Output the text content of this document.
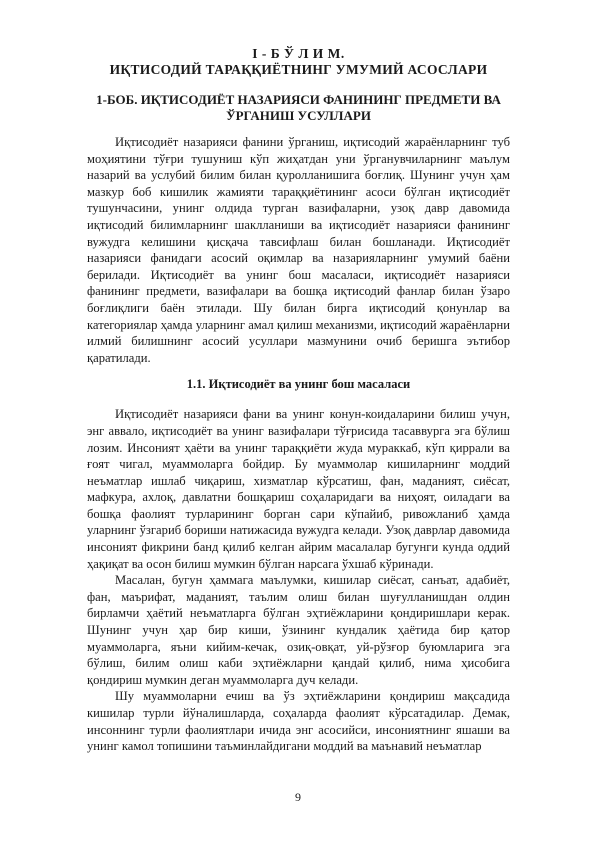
I - Б Ў Л И М.
ИҚТИСОДИЙ ТАРАҚҚИЁТНИНГ УМУМИЙ АСОСЛАРИ
1-БОБ. ИҚТИСОДИЁТ НАЗАРИЯСИ ФАНИНИНГ ПРЕДМЕТИ ВА ЎРГАНИШ УСУЛЛАРИ

Иқтисодиёт назарияси фанини ўрганиш, иқтисодий жараёнларнинг туб моҳиятини тўғри тушуниш кўп жиҳатдан уни ўрганувчиларнинг маълум назарий ва услубий билим билан қуролланишига боғлиқ. Шунинг учун ҳам мазкур боб кишилик жамияти тараққиётининг асоси бўлган иқтисодиёт тушунчасини, унинг олдида турган вазифаларни, узоқ давр давомида иқтисодий билимларнинг шаклланиши ва иқтисодиёт назарияси фанининг вужудга келишини қисқача тавсифлаш билан бошланади. Иқтисодиёт назарияси фанидаги асосий оқимлар ва назарияларнинг умумий баёни берилади. Иқтисодиёт ва унинг бош масаласи, иқтисодиёт назарияси фанининг предмети, вазифалари ва бошқа иқтисодий фанлар билан ўзаро боғлиқлиги баён этилади. Шу билан бирга иқтисодий қонунлар ва категориялар ҳамда уларнинг амал қилиш механизми, иқтисодий жараёнларни илмий билишнинг асосий усуллари мазмунини очиб беришга эътибор қаратилади.

1.1. Иқтисодиёт ва унинг бош масаласи

Иқтисодиёт назарияси фани ва унинг конун-коидаларини билиш учун, энг аввало, иқтисодиёт ва унинг вазифалари тўғрисида тасаввурга эга бўлиш лозим. Инсоният ҳаёти ва унинг тараққиёти жуда мураккаб, кўп қиррали ва ғоят чигал, муаммоларга бойдир. Бу муаммолар кишиларнинг моддий неъматлар ишлаб чиқариш, хизматлар кўрсатиш, фан, маданият, сиёсат, мафкура, ахлоқ, давлатни бошқариш соҳаларидаги ва ниҳоят, оиладаги ва бошқа фаолият турларининг борган сари кўпайиб, ривожланиб ҳамда уларнинг ўзгариб бориши натижасида вужудга келади. Узоқ даврлар давомида инсоният фикрини банд қилиб келган айрим масалалар бугунги кунда оддий ҳақиқат ва осон билиш мумкин бўлган нарсага ўхшаб кўринади.

Масалан, бугун ҳаммага маълумки, кишилар сиёсат, санъат, адабиёт, фан, маърифат, маданият, таълим олиш билан шуғулланишдан олдин бирламчи ҳаётий неъматларга бўлган эҳтиёжларини қондиришлари керак. Шунинг учун ҳар бир киши, ўзининг кундалик ҳаётида бир қатор муаммоларга, яъни кийим-кечак, озиқ-овқат, уй-рўзғор буюмларига эга бўлиш, билим олиш каби эҳтиёжларни қандай қилиб, нима ҳисобига қондириш мумкин деган муаммоларга дуч келади.

Шу муаммоларни ечиш ва ўз эҳтиёжларини қондириш мақсадида кишилар турли йўналишларда, соҳаларда фаолият кўрсатадилар. Демак, инсоннинг турли фаолиятлари ичида энг асосийси, инсониятнинг яшаши ва унинг камол топишини таъминлайдигани моддий ва маънавий неъматлар

9
